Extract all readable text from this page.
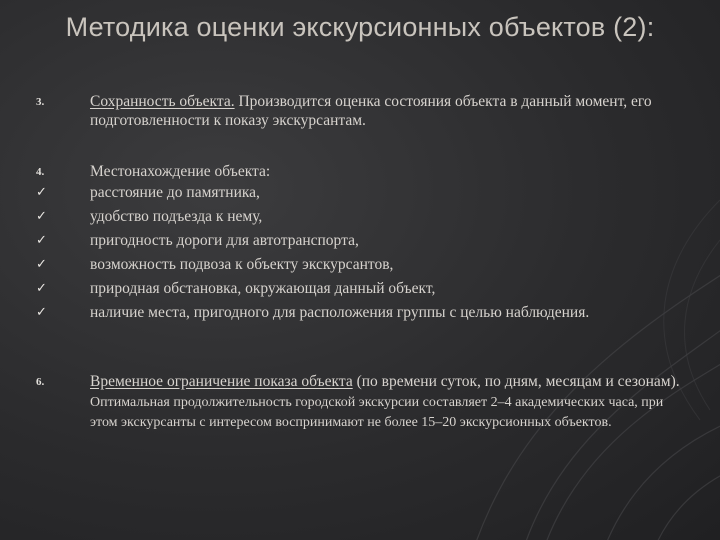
Методика оценки экскурсионных объектов (2):
3.	Сохранность объекта. Производится оценка состояния объекта в данный момент, его подготовленности к показу экскурсантам.
4.	Местонахождение объекта:
✓	расстояние до памятника,
✓	удобство подъезда к нему,
✓	пригодность дороги для автотранспорта,
✓	возможность подвоза к объекту экскурсантов,
✓	природная обстановка, окружающая данный объект,
✓	наличие места, пригодного для расположения группы с целью наблюдения.
6.	Временное ограничение показа объекта (по времени суток, по дням, месяцам и сезонам). Оптимальная продолжительность городской экскурсии составляет 2–4 академических часа, при этом экскурсанты с интересом воспринимают не более 15–20 экскурсионных объектов.
